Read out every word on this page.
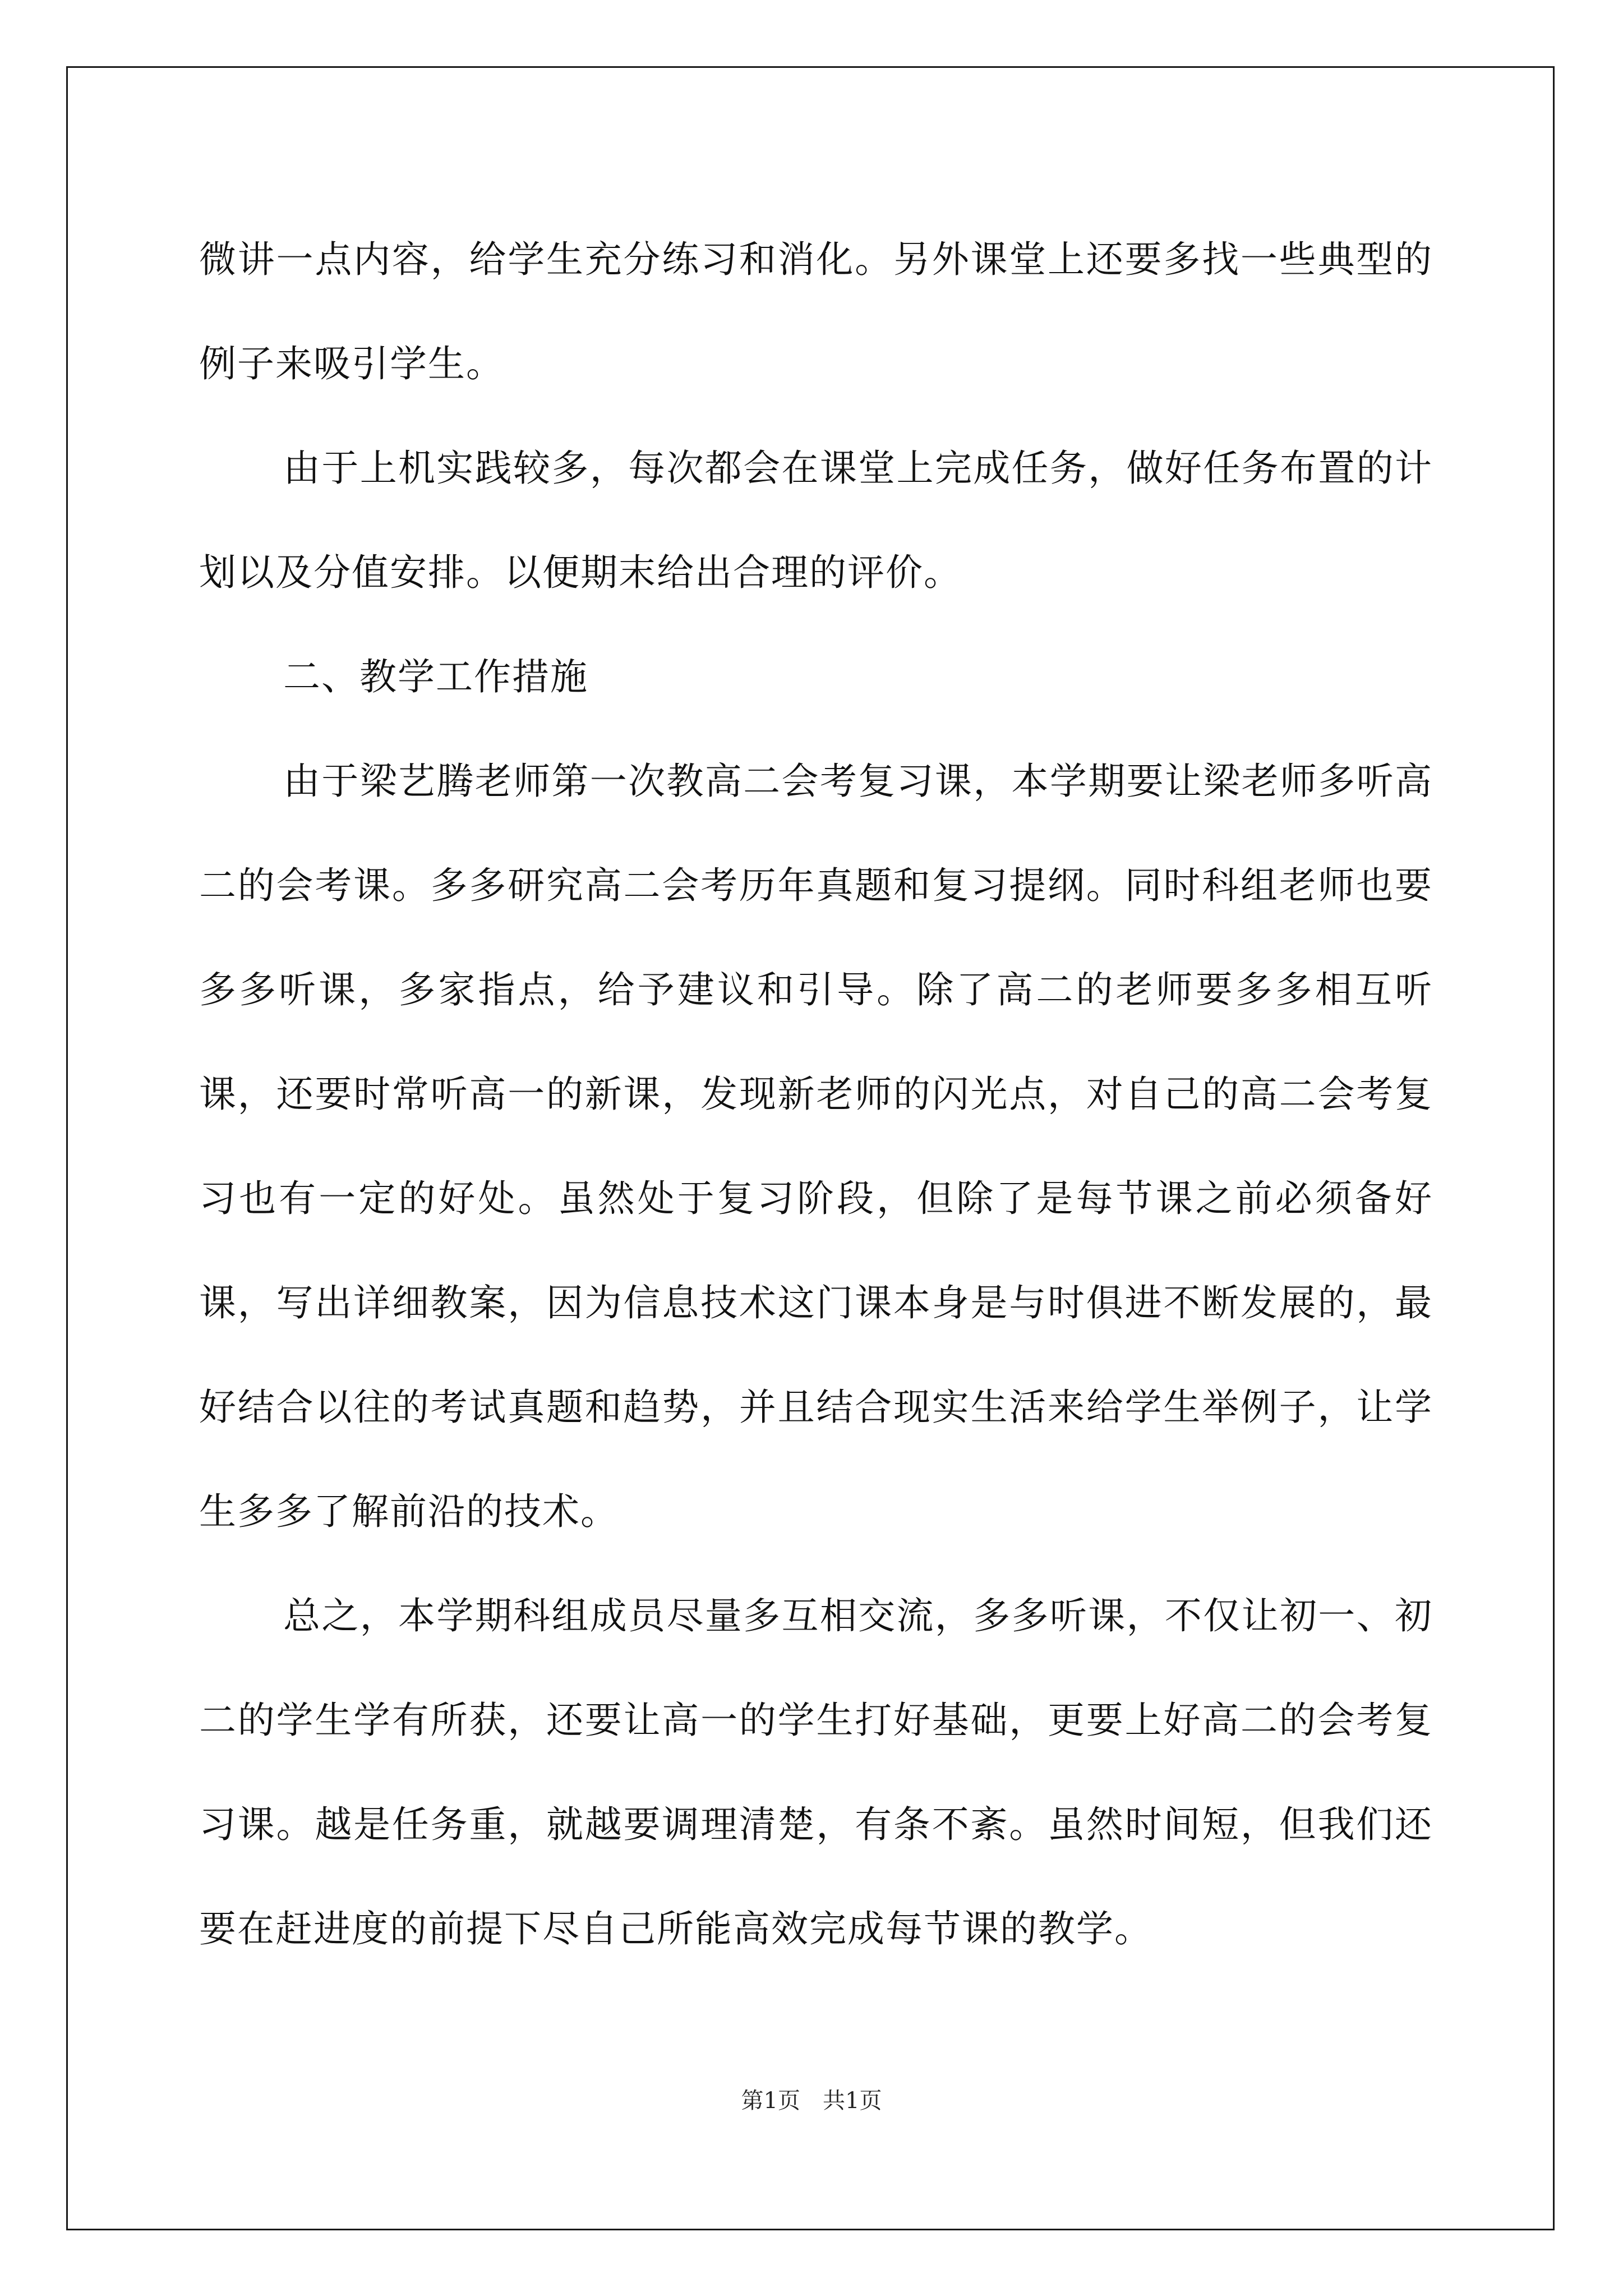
微讲一点内容，给学生充分练习和消化。另外课堂上还要多找一些典型的例子来吸引学生。

由于上机实践较多，每次都会在课堂上完成任务，做好任务布置的计划以及分值安排。以便期末给出合理的评价。

二、教学工作措施

由于梁艺腾老师第一次教高二会考复习课，本学期要让梁老师多听高二的会考课。多多研究高二会考历年真题和复习提纲。同时科组老师也要多多听课，多家指点，给予建议和引导。除了高二的老师要多多相互听课，还要时常听高一的新课，发现新老师的闪光点，对自己的高二会考复习也有一定的好处。虽然处于复习阶段，但除了是每节课之前必须备好课，写出详细教案，因为信息技术这门课本身是与时俱进不断发展的，最好结合以往的考试真题和趋势，并且结合现实生活来给学生举例子，让学生多多了解前沿的技术。

总之，本学期科组成员尽量多互相交流，多多听课，不仅让初一、初二的学生学有所获，还要让高一的学生打好基础，更要上好高二的会考复习课。越是任务重，就越要调理清楚，有条不紊。虽然时间短，但我们还要在赶进度的前提下尽自己所能高效完成每节课的教学。

第1页 共1页
